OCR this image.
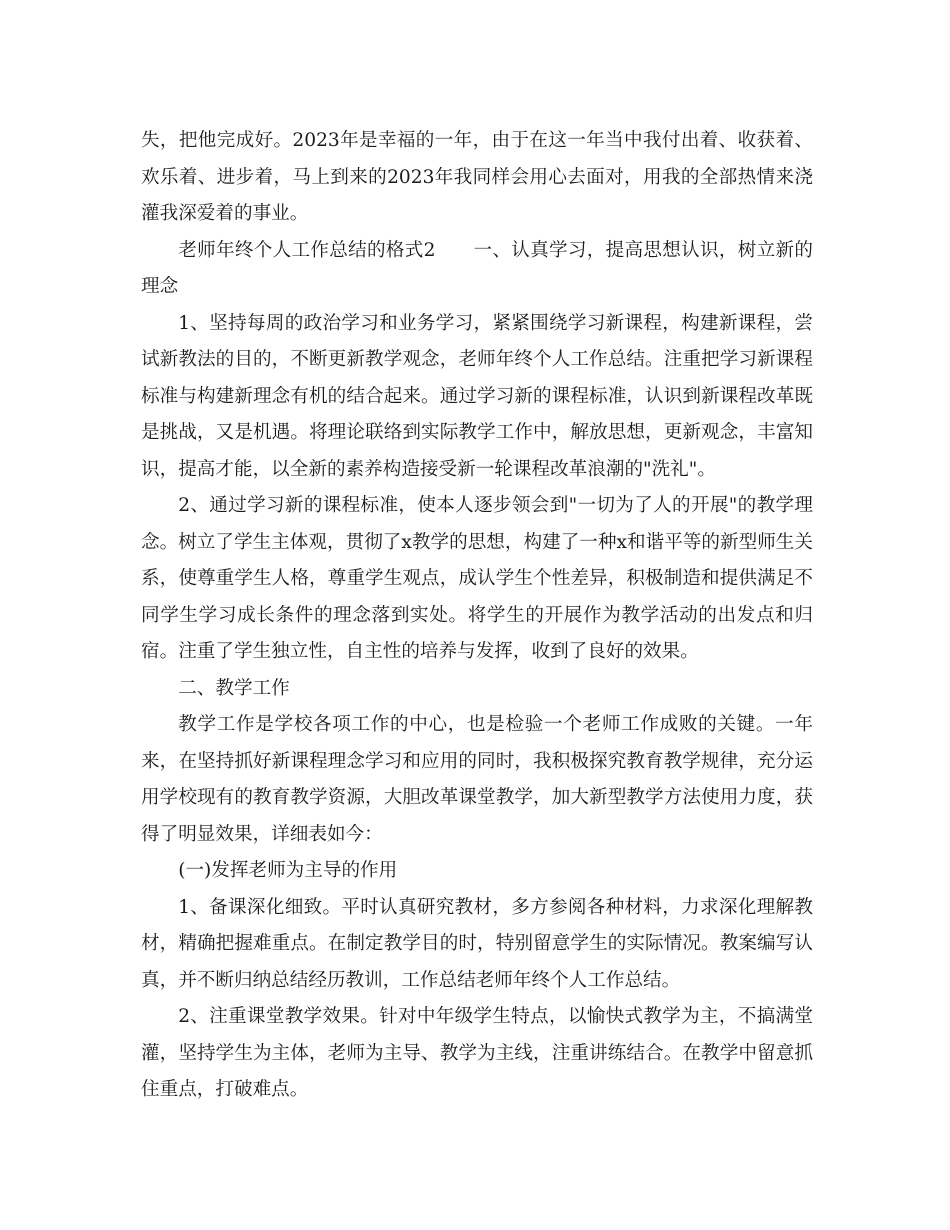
失，把他完成好。2023年是幸福的一年，由于在这一年当中我付出着、收获着、欢乐着、进步着，马上到来的2023年我同样会用心去面对，用我的全部热情来浇灌我深爱着的事业。

老师年终个人工作总结的格式2　　一、认真学习，提高思想认识，树立新的理念

1、坚持每周的政治学习和业务学习，紧紧围绕学习新课程，构建新课程，尝试新教法的目的，不断更新教学观念，老师年终个人工作总结。注重把学习新课程标准与构建新理念有机的结合起来。通过学习新的课程标准，认识到新课程改革既是挑战，又是机遇。将理论联络到实际教学工作中，解放思想，更新观念，丰富知识，提高才能，以全新的素养构造接受新一轮课程改革浪潮的"洗礼"。

2、通过学习新的课程标准，使本人逐步领会到"一切为了人的开展"的教学理念。树立了学生主体观，贯彻了x教学的思想，构建了一种x和谐平等的新型师生关系，使尊重学生人格，尊重学生观点，成认学生个性差异，积极制造和提供满足不同学生学习成长条件的理念落到实处。将学生的开展作为教学活动的出发点和归宿。注重了学生独立性，自主性的培养与发挥，收到了良好的效果。

二、教学工作

教学工作是学校各项工作的中心，也是检验一个老师工作成败的关键。一年来，在坚持抓好新课程理念学习和应用的同时，我积极探究教育教学规律，充分运用学校现有的教育教学资源，大胆改革课堂教学，加大新型教学方法使用力度，获得了明显效果，详细表如今：

(一)发挥老师为主导的作用

1、备课深化细致。平时认真研究教材，多方参阅各种材料，力求深化理解教材，精确把握难重点。在制定教学目的时，特别留意学生的实际情况。教案编写认真，并不断归纳总结经历教训，工作总结老师年终个人工作总结。

2、注重课堂教学效果。针对中年级学生特点，以愉快式教学为主，不搞满堂灌，坚持学生为主体，老师为主导、教学为主线，注重讲练结合。在教学中留意抓住重点，打破难点。
